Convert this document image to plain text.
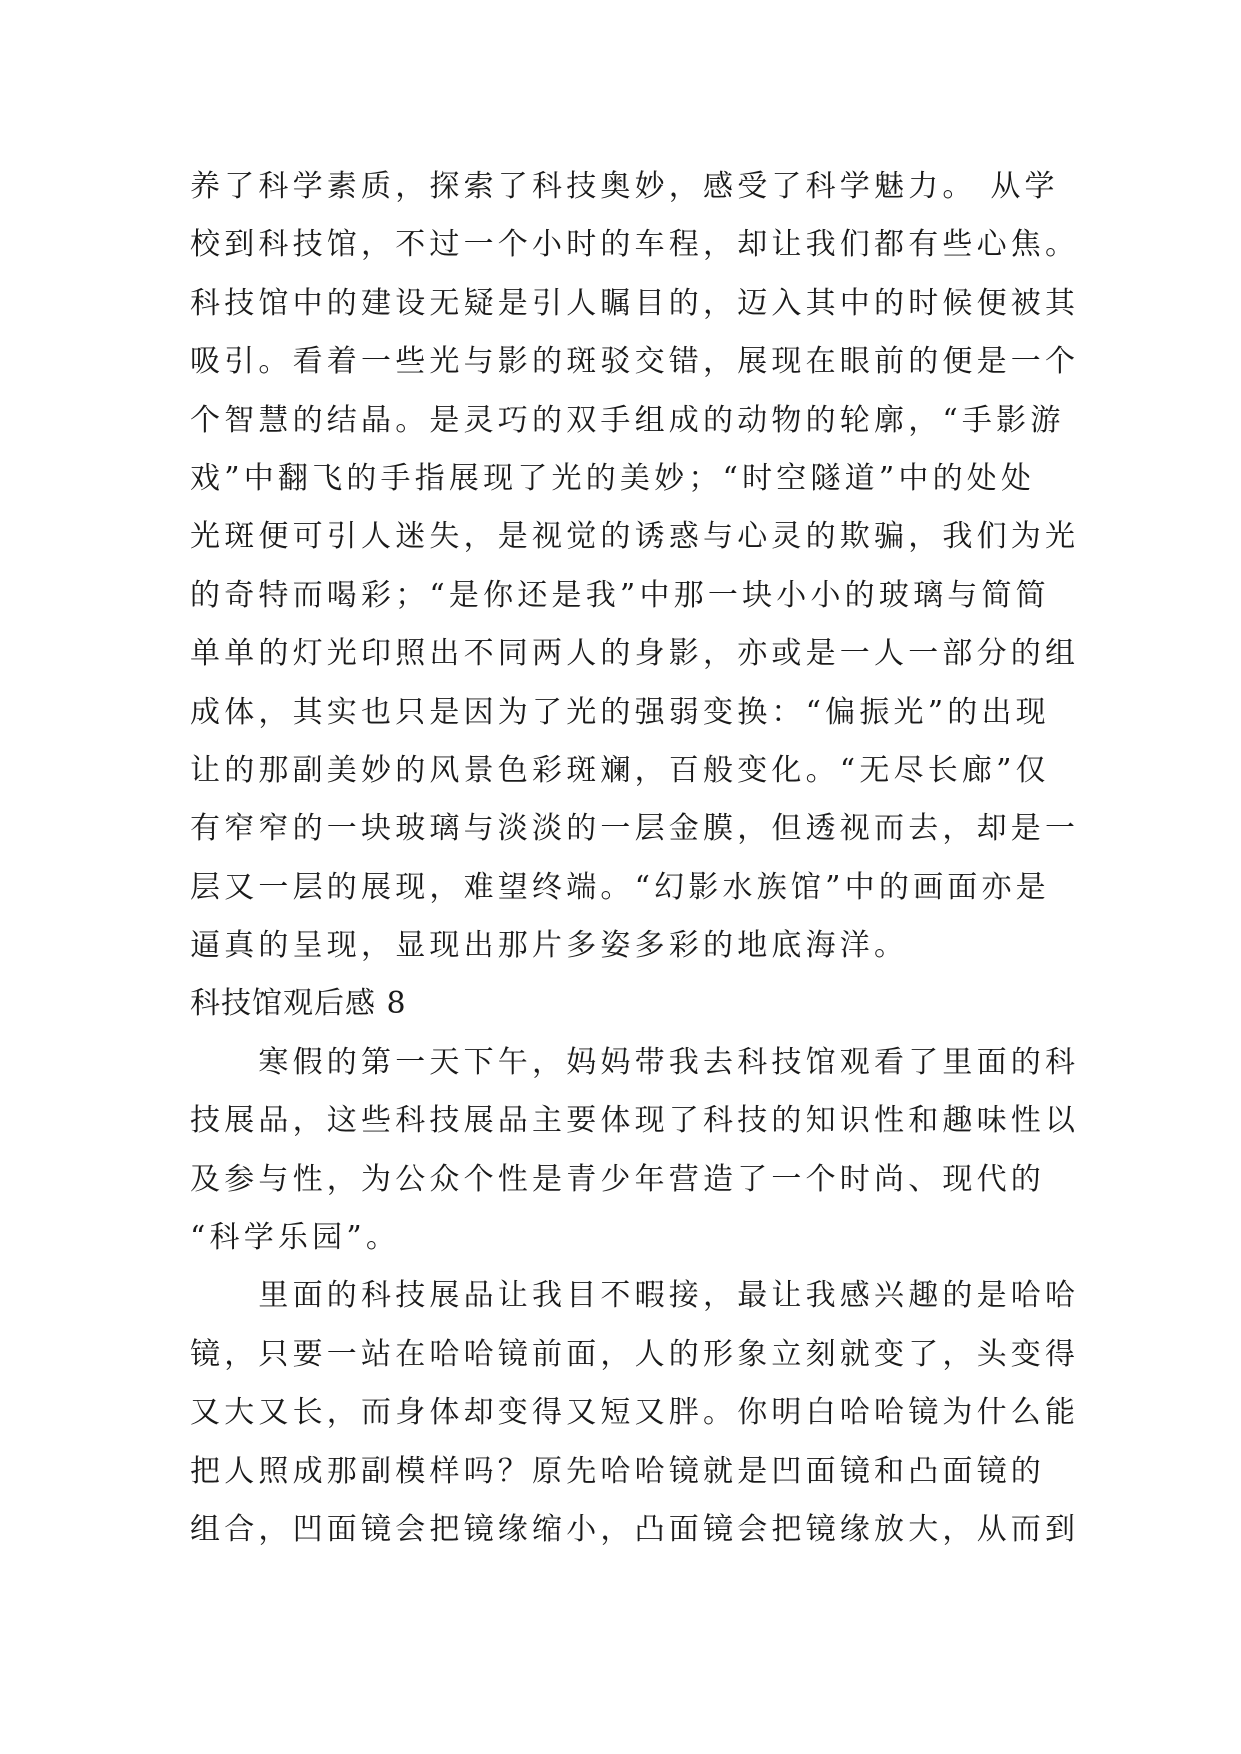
养了科学素质，探索了科技奥妙，感受了科学魅力。 从学
校到科技馆，不过一个小时的车程，却让我们都有些心焦。
科技馆中的建设无疑是引人瞩目的，迈入其中的时候便被其
吸引。看着一些光与影的斑驳交错，展现在眼前的便是一个
个智慧的结晶。是灵巧的双手组成的动物的轮廓，“手影游
戏”中翻飞的手指展现了光的美妙；“时空隧道”中的处处
光斑便可引人迷失，是视觉的诱惑与心灵的欺骗，我们为光
的奇特而喝彩；“是你还是我”中那一块小小的玻璃与简简
单单的灯光印照出不同两人的身影，亦或是一人一部分的组
成体，其实也只是因为了光的强弱变换：“偏振光”的出现
让的那副美妙的风景色彩斑斓，百般变化。“无尽长廊”仅
有窄窄的一块玻璃与淡淡的一层金膜，但透视而去，却是一
层又一层的展现，难望终端。“幻影水族馆”中的画面亦是
逼真的呈现，显现出那片多姿多彩的地底海洋。
科技馆观后感 8
　　寒假的第一天下午，妈妈带我去科技馆观看了里面的科
技展品，这些科技展品主要体现了科技的知识性和趣味性以
及参与性，为公众个性是青少年营造了一个时尚、现代的
“科学乐园”。
　　里面的科技展品让我目不暇接，最让我感兴趣的是哈哈
镜，只要一站在哈哈镜前面，人的形象立刻就变了，头变得
又大又长，而身体却变得又短又胖。你明白哈哈镜为什么能
把人照成那副模样吗？原先哈哈镜就是凹面镜和凸面镜的
组合，凹面镜会把镜缘缩小，凸面镜会把镜缘放大，从而到
